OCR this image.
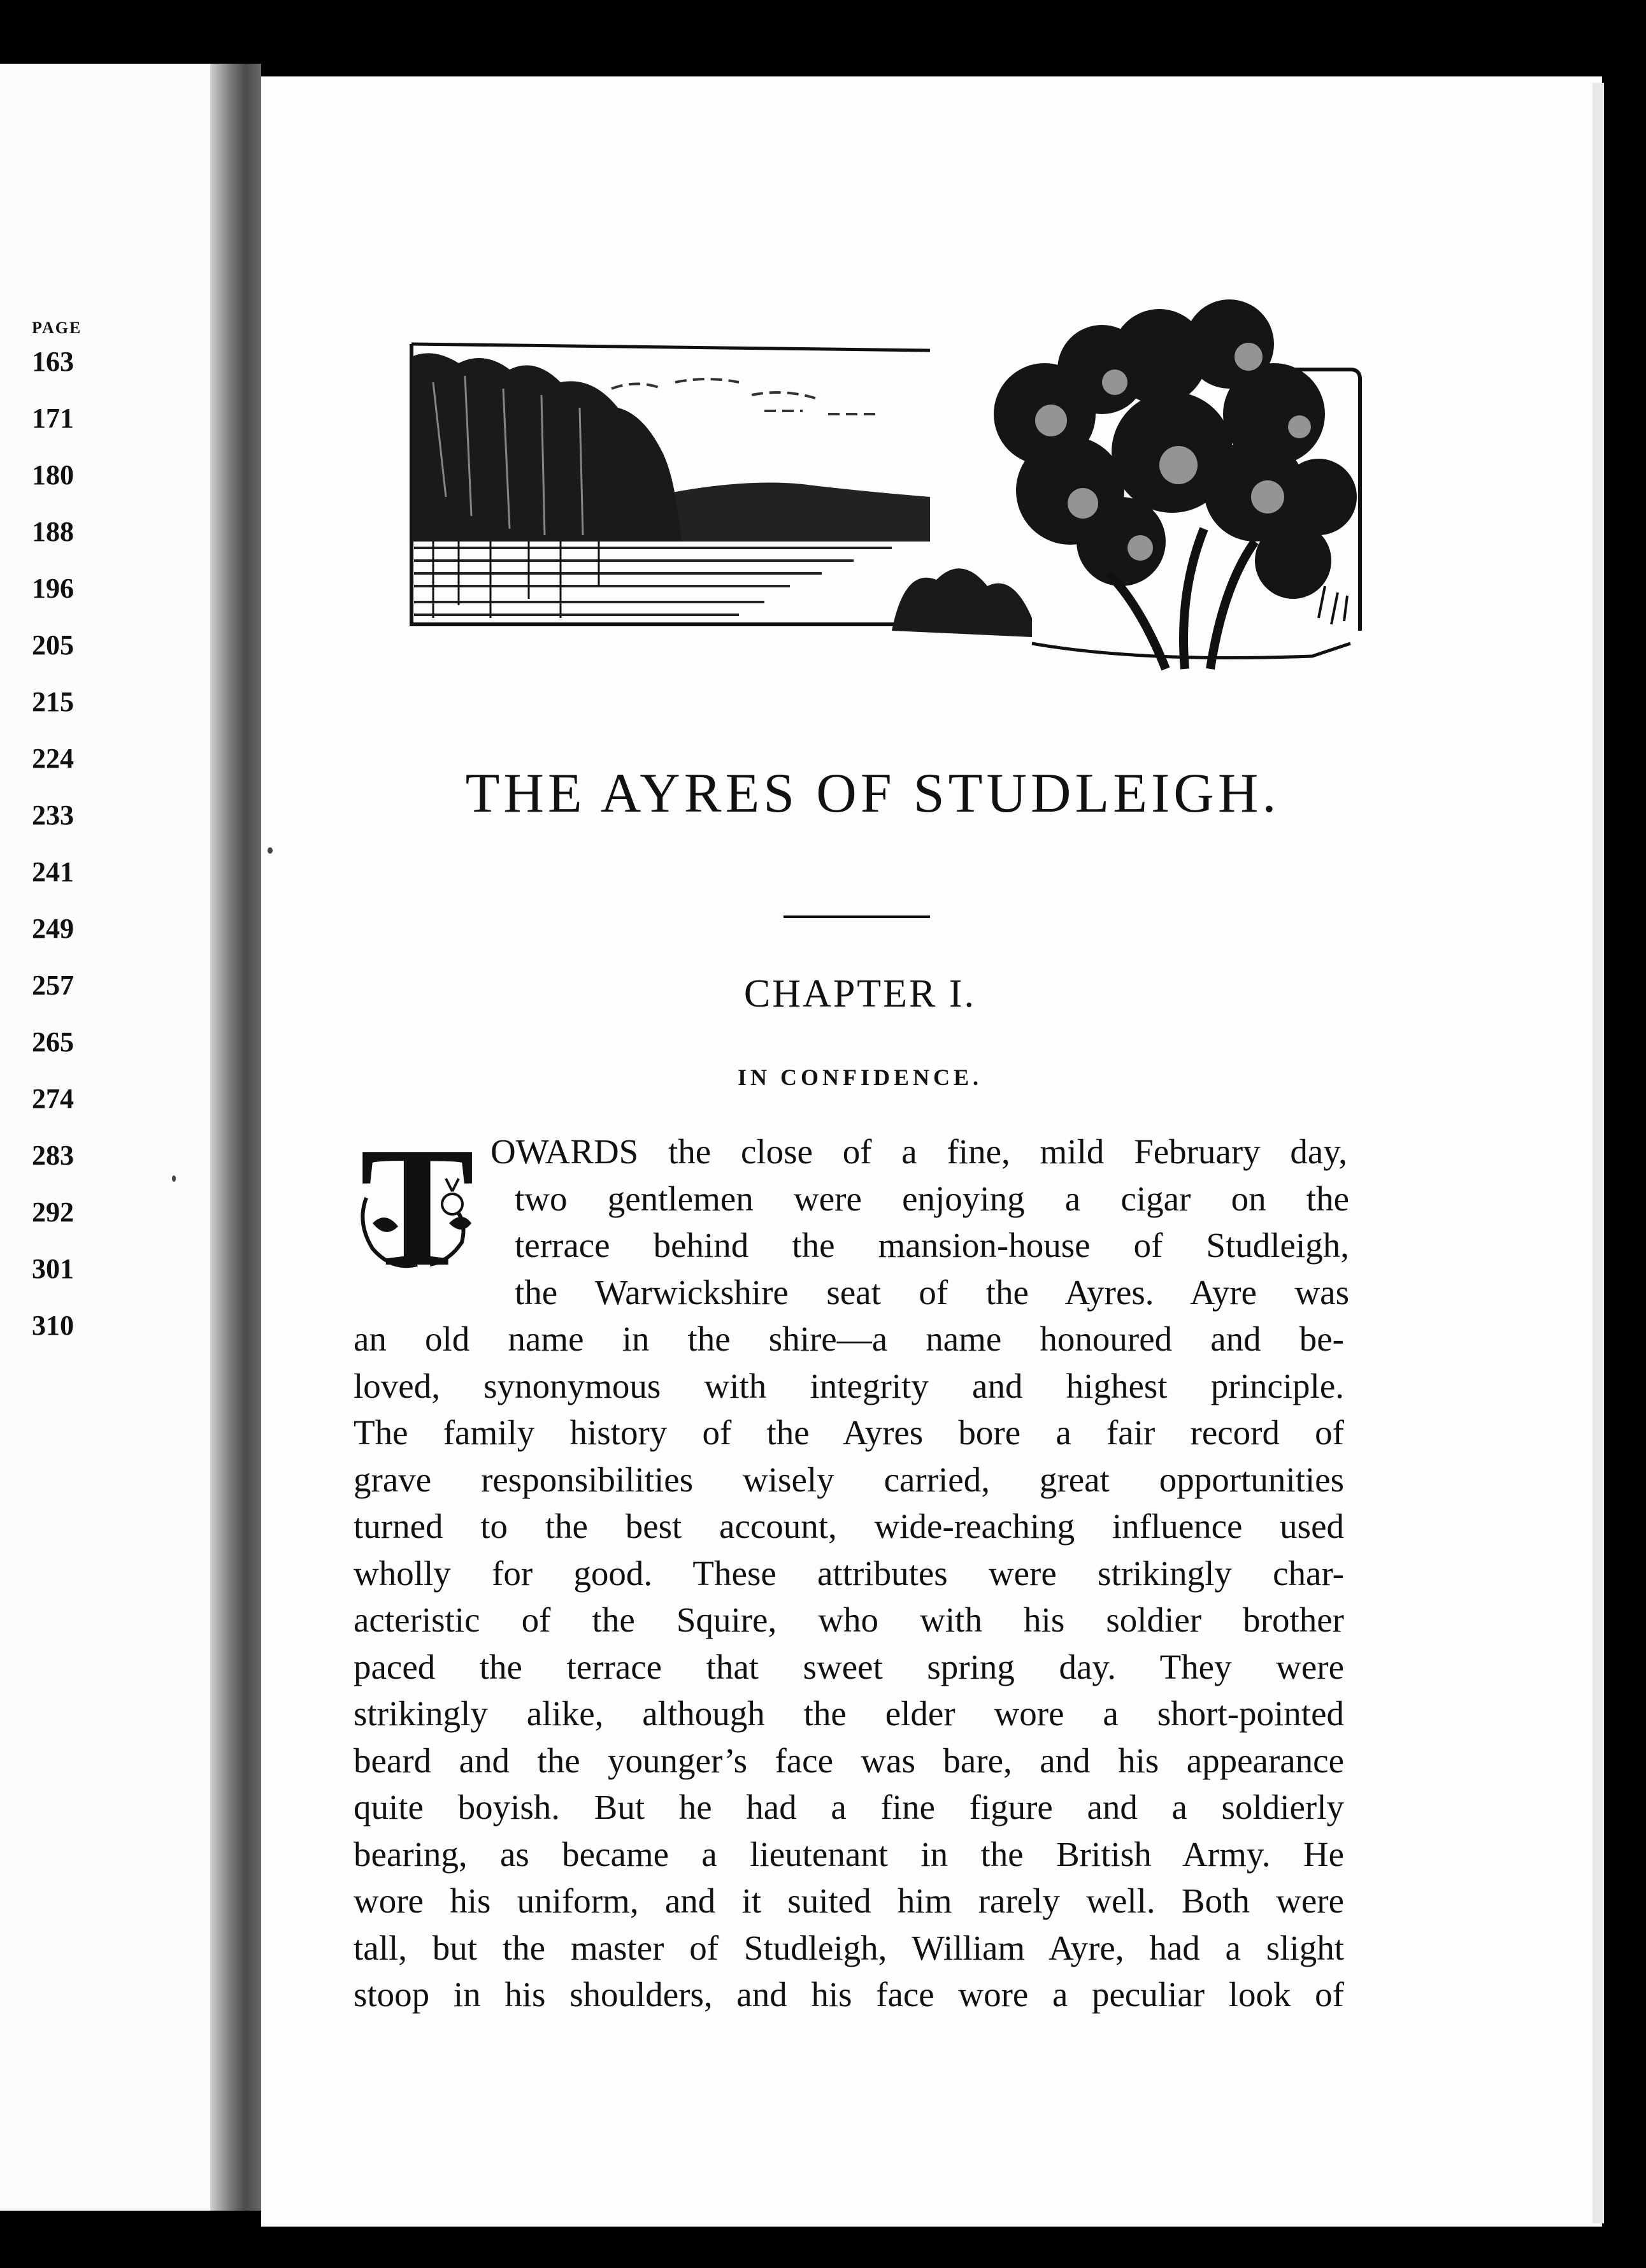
PAGE
163
171
180
188
196
205
215
224
233
241
249
257
265
274
283
292
301
310
THE AYRES OF STUDLEIGH.
CHAPTER I.
IN CONFIDENCE.
T OWARDS the close of a fine, mild February day,
two gentlemen were enjoying a cigar on the
terrace behind the mansion-house of Studleigh,
the Warwickshire seat of the Ayres. Ayre was
an old name in the shire—a name honoured and be-
loved, synonymous with integrity and highest principle.
The family history of the Ayres bore a fair record of
grave responsibilities wisely carried, great opportunities
turned to the best account, wide-reaching influence used
wholly for good. These attributes were strikingly char-
acteristic of the Squire, who with his soldier brother
paced the terrace that sweet spring day. They were
strikingly alike, although the elder wore a short-pointed
beard and the younger’s face was bare, and his appearance
quite boyish. But he had a fine figure and a soldierly
bearing, as became a lieutenant in the British Army. He
wore his uniform, and it suited him rarely well. Both were
tall, but the master of Studleigh, William Ayre, had a slight
stoop in his shoulders, and his face wore a peculiar look of
